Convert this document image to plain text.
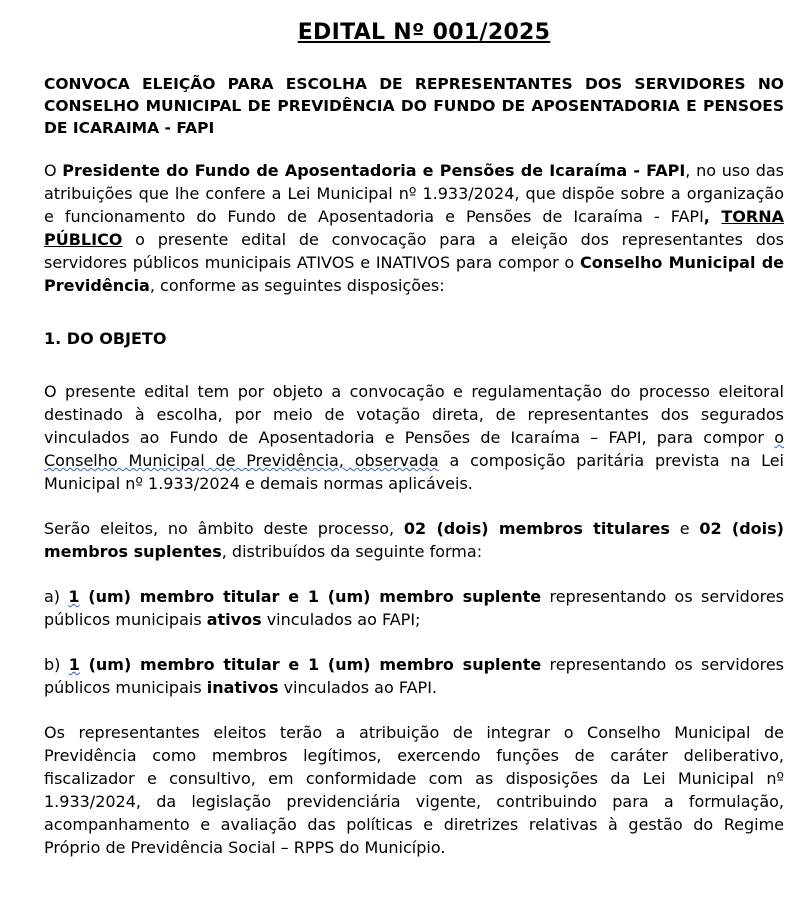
EDITAL Nº 001/2025
CONVOCA ELEIÇÃO PARA ESCOLHA DE REPRESENTANTES DOS SERVIDORES NO CONSELHO MUNICIPAL DE PREVIDÊNCIA DO FUNDO DE APOSENTADORIA E PENSOES DE ICARAIMA - FAPI

O Presidente do Fundo de Aposentadoria e Pensões de Icaraíma - FAPI, no uso das atribuições que lhe confere a Lei Municipal nº 1.933/2024, que dispõe sobre a organização e funcionamento do Fundo de Aposentadoria e Pensões de Icaraíma - FAPI, TORNA PÚBLICO o presente edital de convocação para a eleição dos representantes dos servidores públicos municipais ATIVOS e INATIVOS para compor o Conselho Municipal de Previdência, conforme as seguintes disposições:

1. DO OBJETO

O presente edital tem por objeto a convocação e regulamentação do processo eleitoral destinado à escolha, por meio de votação direta, de representantes dos segurados vinculados ao Fundo de Aposentadoria e Pensões de Icaraíma – FAPI, para compor o Conselho Municipal de Previdência, observada a composição paritária prevista na Lei Municipal nº 1.933/2024 e demais normas aplicáveis.

Serão eleitos, no âmbito deste processo, 02 (dois) membros titulares e 02 (dois) membros suplentes, distribuídos da seguinte forma:

a) 1 (um) membro titular e 1 (um) membro suplente representando os servidores públicos municipais ativos vinculados ao FAPI;

b) 1 (um) membro titular e 1 (um) membro suplente representando os servidores públicos municipais inativos vinculados ao FAPI.

Os representantes eleitos terão a atribuição de integrar o Conselho Municipal de Previdência como membros legítimos, exercendo funções de caráter deliberativo, fiscalizador e consultivo, em conformidade com as disposições da Lei Municipal nº 1.933/2024, da legislação previdenciária vigente, contribuindo para a formulação, acompanhamento e avaliação das políticas e diretrizes relativas à gestão do Regime Próprio de Previdência Social – RPPS do Município.
